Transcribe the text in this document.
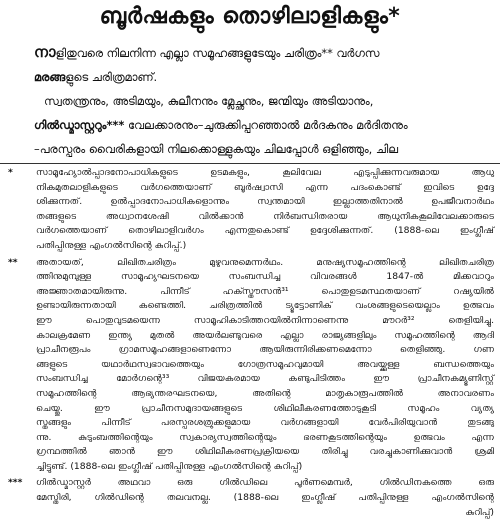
ബൂർഷകളും തൊഴിലാളികളും*

നാളിതുവരെ നിലനിന്ന എല്ലാ സമൂഹങ്ങളുടേയും ചരിത്രം** വർഗസ

മരങ്ങളുടെ ചരിത്രമാണ്.

സ്വതന്ത്രനും, അടിമയും, കുലീനനും മ്ലേച്ഛനും, ജന്മിയും അടിയാനും,

ഗിൽഡ്മാസ്റ്ററും*** വേലക്കാരനും–ചുരുക്കിപ്പറഞ്ഞാൽ മർദകനും മർദിതനും

–പരസ്പരം വൈരികളായി നിലക്കൊള്ളുകയും ചിലപ്പോൾ ഒളിഞ്ഞും, ചില

*	സാമൂഹ്യോൽപ്പാദനോപാധികളുടെ ഉടമകളും, കൂലിവേല എടുപ്പിക്കുന്നവരുമായ ആധു
നികമുതലാളികളുടെ വർഗത്തെയാണ് ബൂർഷ്വാസി എന്ന പദംകൊണ്ട് ഇവിടെ ഉദ്ദേ
ശിക്കുന്നത്. ഉൽപ്പാദനോപാധികളൊന്നും സ്വന്തമായി ഇല്ലാത്തതിനാൽ ഉപജീവനാർഥം
തങ്ങളുടെ അധ്വാനശേഷി വിൽക്കാൻ നിർബന്ധിതരായ ആധുനികകൂലിവേലക്കാരുടെ
വർഗത്തെയാണ് തൊഴിലാളിവർഗം എന്നതുകൊണ്ട് ഉദ്ദേശിക്കുന്നത്. (1888-ലെ ഇംഗ്ലീഷ്
പതിപ്പിനുള്ള എംഗൽസിന്റെ കുറിപ്പ്.)
** അതായത്, ലിഖിതചരിത്രം മുഴുവനുമെന്നർഥം. മനുഷ്യസമൂഹത്തിന്റെ ലിഖിതചരിത്ര
ത്തിനുമുമ്പുള്ള സാമൂഹ്യഘടനയെ സംബന്ധിച്ച വിവരങ്ങൾ 1847-ൽ മിക്കവാറും
അജ്ഞാതമായിരുന്നു. പിന്നീട് ഹക്സ്തൗസൻ³¹ പൊതുഉടമസ്ഥതയാണ് റഷ്യയിൽ
ഉണ്ടായിരുന്നതായി കണ്ടെത്തി. ചരിത്രത്തിൽ ട്യൂട്ടോണിക് വംശങ്ങളുടെയെല്ലാം ഉത്ഭവം
ഈ പൊതുവുടമയെന്ന സാമൂഹികാടിത്തറയിൽനിന്നാണെന്നു മൗറർ³² തെളിയിച്ചു.
കാലക്രമേണ ഇന്ത്യ മുതൽ അയർലണ്ടുവരെ എല്ലാ രാജ്യങ്ങളിലും സമൂഹത്തിന്റെ ആദി
പ്രാചീനരൂപം ഗ്രാമസമൂഹങ്ങളാണെന്നോ ആയിരുന്നിരിക്കണമെന്നോ തെളിഞ്ഞു. ഗണ
ങ്ങളുടെ യഥാർഥസ്വഭാവത്തെയും ഗോത്രസമൂഹവുമായി അവയ്ക്കുള്ള ബന്ധത്തെയും
സംബന്ധിച്ച മോർഗന്റെ³³ വിജയകരമായ കണ്ടുപിടിത്തം ഈ പ്രാചീനകമ്യൂണിസ്റ്റ്
സമൂഹത്തിന്റെ ആഭ്യന്തരഘടനയെ, അതിന്റെ മാതൃകാരൂപത്തിൽ അനാവരണം
ചെയ്തു. ഈ പ്രാചീനസമുദായങ്ങളുടെ ശിഥിലീകരണത്തോടുകൂടി സമൂഹം വ്യത്യ
സ്തങ്ങളും പിന്നീട് പരസ്പരശത്രുക്കളുമായ വർഗങ്ങളായി വേർപിരിയുവാൻ തുടങ്ങു
ന്നു. കുടുംബത്തിന്റെയും സ്വകാര്യസ്വത്തിന്റെയും ഭരണകൂടത്തിന്റെയും ഉത്ഭവം എന്ന
ഗ്രന്ഥത്തിൽ ഞാൻ ഈ ശിഥിലീകരണപ്രക്രിയയെ തിരിച്ചു വരച്ചുകാണിക്കുവാൻ ശ്രമി
ച്ചിട്ടുണ്ട്. (1888-ലെ ഇംഗ്ലീഷ് പതിപ്പിനുള്ള എംഗൽസിന്റെ കുറിപ്പ്)
*** ഗിൽഡ്മാസ്റ്റർ അഥവാ ഒരു ഗിൽഡിലെ പൂർണമെമ്പർ, ഗിൽഡിനകത്തെ ഒരു
മേസ്തിരി, ഗിൽഡിന്റെ തലവനല്ല. (1888-ലെ ഇംഗ്ലീഷ് പതിപ്പിനുള്ള എംഗൽസിന്റെ
കുറിപ്പ്)
